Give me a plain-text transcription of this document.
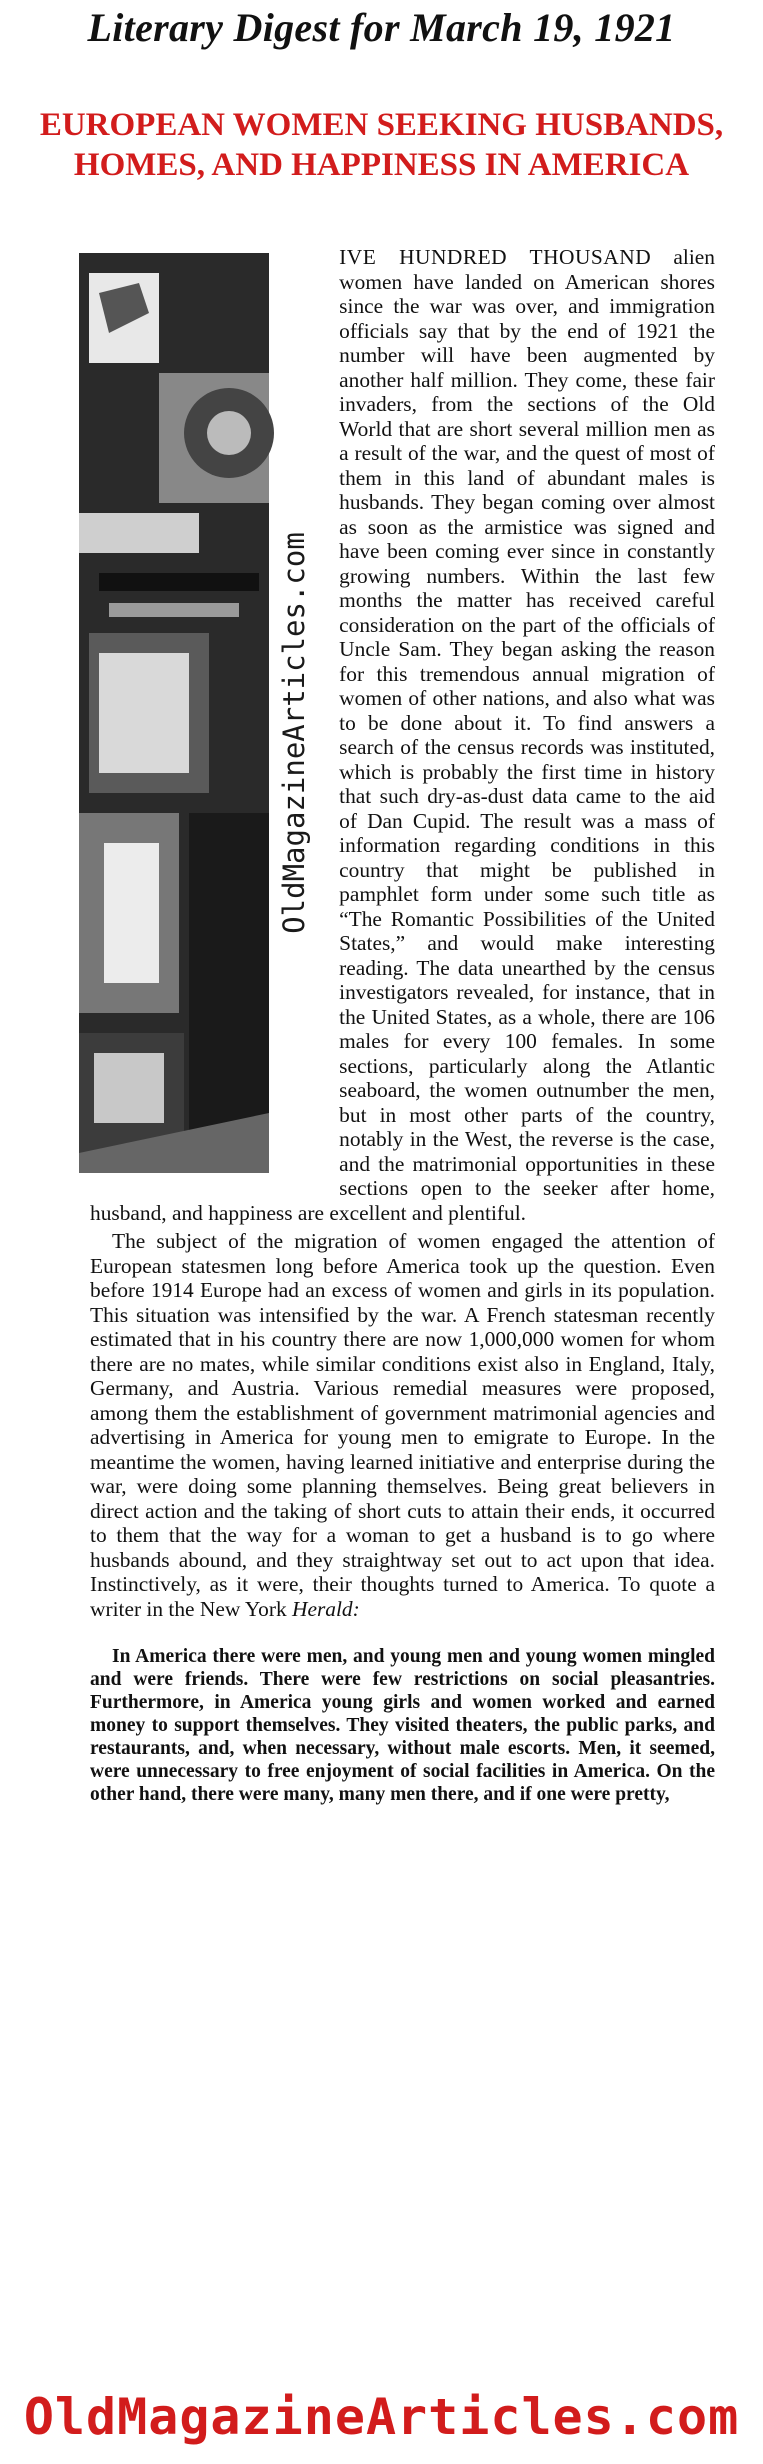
Literary Digest for March 19, 1921
EUROPEAN WOMEN SEEKING HUSBANDS, HOMES, AND HAPPINESS IN AMERICA

IVE HUNDRED THOUSAND
OldMagazineArticles.com
alien women have landed on American shores since the war was over, and immigration officials say that by the end of 1921 the number will have been augmented by another half million. They come, these fair invaders, from the sections of the Old World that are short several million men as a result of the war, and the quest of most of them in this land of abundant males is husbands. They began coming over almost as soon as the armistice was signed and have been coming ever since in constantly growing numbers. Within the last few months the matter has received careful consideration on the part of the officials of Uncle Sam. They began asking the reason for this tremendous annual migration of women of other nations, and also what was to be done about it. To find answers a search of the census records was instituted, which is probably the first time in history that such dry-as-dust data came to the aid of Dan Cupid. The result was a mass of information regarding conditions in this country that might be published in pamphlet form under some such title as “The Romantic Possibilities of the United States,” and would make interesting reading. The data unearthed by the census investigators revealed, for instance, that in the United States, as a whole, there are 106 males for every 100 females. In some sections, particularly along the Atlantic seaboard, the women outnumber the men, but in most other parts of the country, notably in the West, the reverse is the case, and the matrimonial opportunities in these sections open to the seeker after home, husband, and happiness are excellent and plentiful.

The subject of the migration of women engaged the attention of European statesmen long before America took up the question. Even before 1914 Europe had an excess of women and girls in its population. This situation was intensified by the war. A French statesman recently estimated that in his country there are now 1,000,000 women for whom there are no mates, while similar conditions exist also in England, Italy, Germany, and Austria. Various remedial measures were proposed, among them the establishment of government matrimonial agencies and advertising in America for young men to emigrate to Europe. In the meantime the women, having learned initiative and enterprise during the war, were doing some planning themselves. Being great believers in direct action and the taking of short cuts to attain their ends, it occurred to them that the way for a woman to get a husband is to go where husbands abound, and they straightway set out to act upon that idea. Instinctively, as it were, their thoughts turned to America. To quote a writer in the New York Herald:

In America there were men, and young men and young women mingled and were friends. There were few restrictions on social pleasantries. Furthermore, in America young girls and women worked and earned money to support themselves. They visited theaters, the public parks, and restaurants, and, when necessary, without male escorts. Men, it seemed, were unnecessary to free enjoyment of social facilities in America. On the other hand, there were many, many men there, and if one were pretty,

OldMagazineArticles.com
